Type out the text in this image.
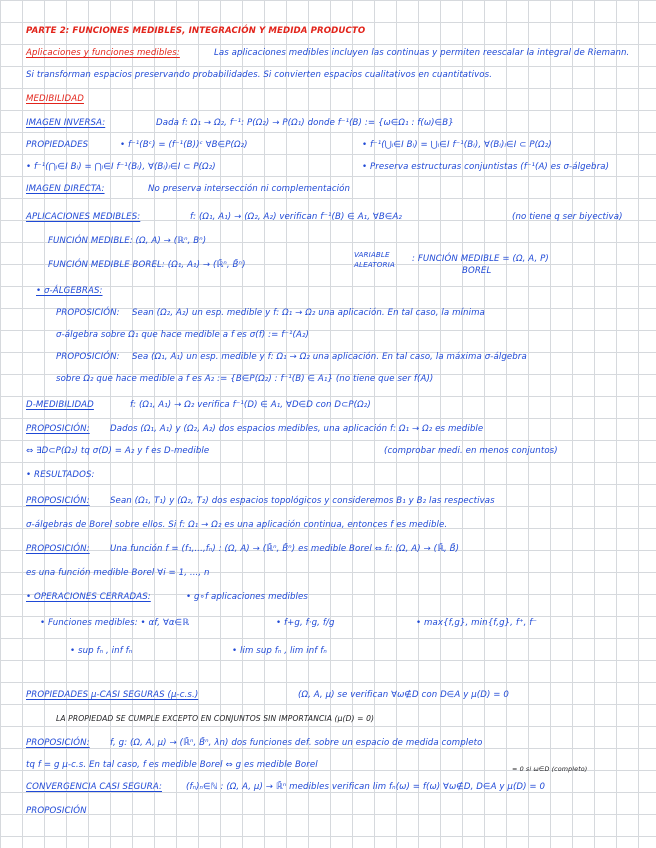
PARTE 2: FUNCIONES MEDIBLES, INTEGRACIÓN Y MEDIDA PRODUCTO
Aplicaciones y funciones medibles:	Las aplicaciones medibles incluyen las continuas y permiten reescalar la integral de Riemann.
Si transforman espacios preservando probabilidades. Si convierten espacios cualitativos en cuantitativos.
MEDIBILIDAD
IMAGEN INVERSA:	Dada f: Ω₁ → Ω₂, f⁻¹: P(Ω₂) → P(Ω₁) donde f⁻¹(B) := {ω∈Ω₁ : f(ω)∈B}
PROPIEDADES	• f⁻¹(Bᶜ) = (f⁻¹(B))ᶜ ∀B∈P(Ω₂)	• f⁻¹(⋃ᵢ∈I Bᵢ) = ⋃ᵢ∈I f⁻¹(Bᵢ), ∀(Bᵢ)ᵢ∈I ⊂ P(Ω₂)
• f⁻¹(⋂ᵢ∈I Bᵢ) = ⋂ᵢ∈I f⁻¹(Bᵢ), ∀(Bᵢ)ᵢ∈I ⊂ P(Ω₂)	• Preserva estructuras conjuntistas (f⁻¹(A) es σ-álgebra)
IMAGEN DIRECTA:	No preserva intersección ni complementación
APLICACIONES MEDIBLES:	f: (Ω₁, A₁) → (Ω₂, A₂) verifican f⁻¹(B) ∈ A₁, ∀B∈A₂	(no tiene q ser biyectiva)
FUNCIÓN MEDIBLE: (Ω, A) → (ℝⁿ, Bⁿ)
VARIABLE
FUNCIÓN MEDIBLE BOREL: (Ω₁, A₁) → (ℝ̄ⁿ, B̄ⁿ)	ALEATORIA
: FUNCIÓN MEDIBLE = (Ω, A, P)
BOREL
• σ-ÁLGEBRAS:
PROPOSICIÓN: Sean (Ω₂, A₂) un esp. medible y f: Ω₁ → Ω₂ una aplicación. En tal caso, la mínima
σ-álgebra sobre Ω₁ que hace medible a f es σ(f) := f⁻¹(A₂)
PROPOSICIÓN: Sea (Ω₁, A₁) un esp. medible y f: Ω₁ → Ω₂ una aplicación. En tal caso, la máxima σ-álgebra
sobre Ω₂ que hace medible a f es A₂ := {B∈P(Ω₂) : f⁻¹(B) ∈ A₁} (no tiene que ser f(A))
D-MEDIBILIDAD	f: (Ω₁, A₁) → Ω₂ verifica f⁻¹(D) ∈ A₁, ∀D∈D con D⊂P(Ω₂)
PROPOSICIÓN: Dados (Ω₁, A₁) y (Ω₂, A₂) dos espacios medibles, una aplicación f: Ω₁ → Ω₂ es medible
⇔ ∃D⊂P(Ω₂) tq σ(D) = A₂ y f es D-medible	(comprobar medi. en menos conjuntos)
• RESULTADOS:
PROPOSICIÓN: Sean (Ω₁, T₁) y (Ω₂, T₂) dos espacios topológicos y consideremos B₁ y B₂ las respectivas
σ-álgebras de Borel sobre ellos. Si f: Ω₁ → Ω₂ es una aplicación continua, entonces f es medible.
PROPOSICIÓN: Una función f = (f₁,...,fₙ) : (Ω, A) → (ℝ̄ⁿ, B̄ⁿ) es medible Borel ⇔ fᵢ: (Ω, A) → (ℝ̄, B̄)
es una función medible Borel ∀i = 1, ..., n
• OPERACIONES CERRADAS:	• g∘f aplicaciones medibles
• Funciones medibles: • αf, ∀α∈ℝ	• f+g, f·g, f/g	• max{f,g}, min{f,g}, f⁺, f⁻
• sup fₙ , inf fₙ	• lim sup fₙ , lim inf fₙ
PROPIEDADES μ-CASI SEGURAS (μ-c.s.)	(Ω, A, μ) se verifican ∀ω∉D con D∈A y μ(D) = 0
LA PROPIEDAD SE CUMPLE EXCEPTO EN CONJUNTOS SIN IMPORTANCIA (μ(D) = 0)
PROPOSICIÓN: f, g: (Ω, A, μ) → (ℝ̄ⁿ, B̄ⁿ, λn) dos funciones def. sobre un espacio de medida completo
tq f = g μ-c.s. En tal caso, f es medible Borel ⇔ g es medible Borel	= 0 si ω∈D (completo)
CONVERGENCIA CASI SEGURA:	(fₙ)ₙ∈ℕ : (Ω, A, μ) → ℝ̄ⁿ medibles verifican lim fₙ(ω) = f(ω) ∀ω∉D, D∈A y μ(D) = 0
PROPOSICIÓN
